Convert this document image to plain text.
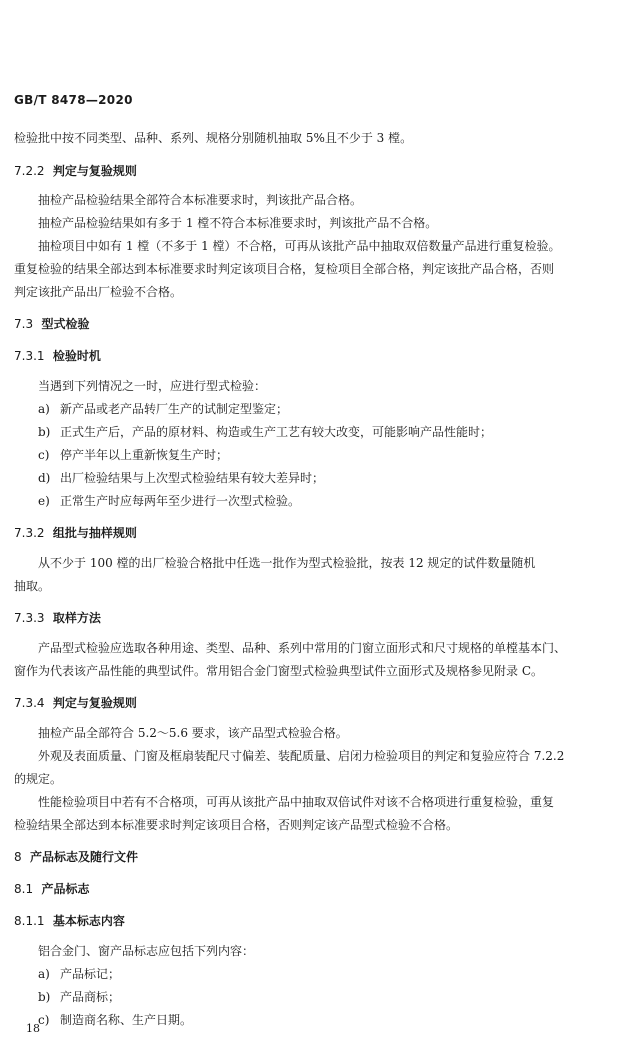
GB/T 8478—2020
检验批中按不同类型、品种、系列、规格分别随机抽取 5%且不少于 3 樘。
7.2.2 判定与复验规则
抽检产品检验结果全部符合本标准要求时，判该批产品合格。
抽检产品检验结果如有多于 1 樘不符合本标准要求时，判该批产品不合格。
抽检项目中如有 1 樘（不多于 1 樘）不合格，可再从该批产品中抽取双倍数量产品进行重复检验。
重复检验的结果全部达到本标准要求时判定该项目合格，复检项目全部合格，判定该批产品合格，否则
判定该批产品出厂检验不合格。
7.3 型式检验
7.3.1 检验时机
当遇到下列情况之一时，应进行型式检验：
a) 新产品或老产品转厂生产的试制定型鉴定；
b) 正式生产后，产品的原材料、构造或生产工艺有较大改变，可能影响产品性能时；
c) 停产半年以上重新恢复生产时；
d) 出厂检验结果与上次型式检验结果有较大差异时；
e) 正常生产时应每两年至少进行一次型式检验。
7.3.2 组批与抽样规则
从不少于 100 樘的出厂检验合格批中任选一批作为型式检验批，按表 12 规定的试件数量随机
抽取。
7.3.3 取样方法
产品型式检验应选取各种用途、类型、品种、系列中常用的门窗立面形式和尺寸规格的单樘基本门、
窗作为代表该产品性能的典型试件。常用铝合金门窗型式检验典型试件立面形式及规格参见附录 C。
7.3.4 判定与复验规则
抽检产品全部符合 5.2～5.6 要求，该产品型式检验合格。
外观及表面质量、门窗及框扇装配尺寸偏差、装配质量、启闭力检验项目的判定和复验应符合 7.2.2
的规定。
性能检验项目中若有不合格项，可再从该批产品中抽取双倍试件对该不合格项进行重复检验，重复
检验结果全部达到本标准要求时判定该项目合格，否则判定该产品型式检验不合格。
8 产品标志及随行文件
8.1 产品标志
8.1.1 基本标志内容
铝合金门、窗产品标志应包括下列内容：
a) 产品标记；
b) 产品商标；
c) 制造商名称、生产日期。
18
